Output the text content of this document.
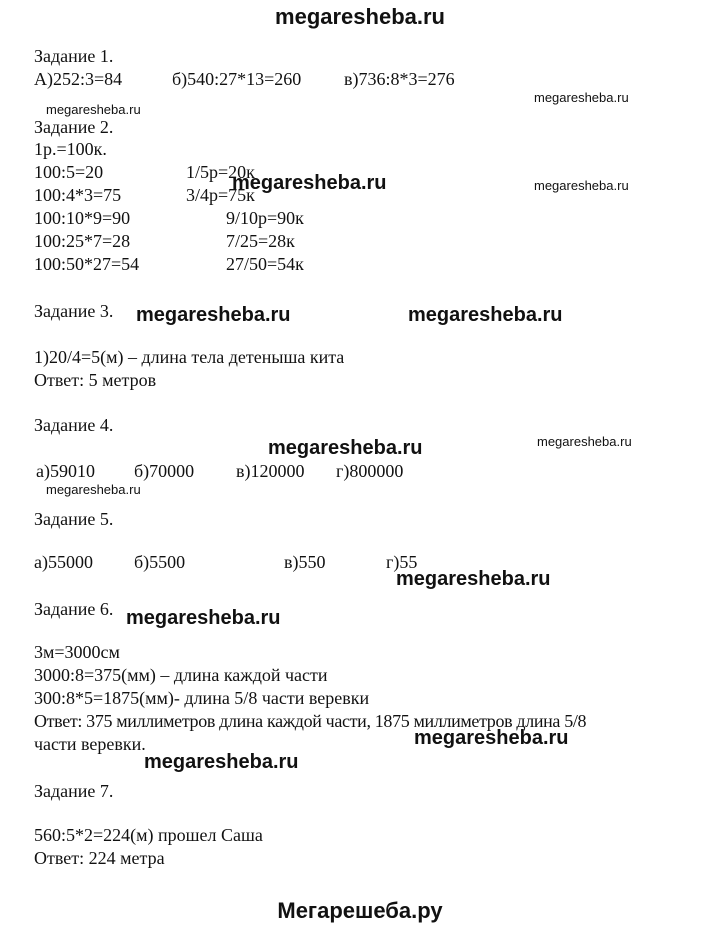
megaresheba.ru
Задание 1.
А)252:3=84	б)540:27*13=260 в)736:8*3=276
Задание 2.
1р.=100к.
100:5=20	1/5р=20к
100:4*3=75	3/4р=75к
100:10*9=90	9/10р=90к
100:25*7=28	7/25=28к
100:50*27=54	27/50=54к
Задание 3.
1)20/4=5(м) – длина тела детеныша кита
Ответ: 5 метров
Задание 4.
а)59010 б)70000 в)120000 г)800000
Задание 5.
а)55000 б)5500	в)550	г)55
Задание 6.
3м=3000см
3000:8=375(мм) – длина каждой части
300:8*5=1875(мм)- длина 5/8 части веревки
Ответ: 375 миллиметров длина каждой части, 1875 миллиметров длина 5/8
части веревки.
Задание 7.
560:5*2=224(м) прошел Саша
Ответ: 224 метра
megaresheba.ru
megaresheba.ru
megaresheba.ru	megaresheba.ru
megaresheba.ru	megaresheba.ru
megaresheba.ru	megaresheba.ru
megaresheba.ru
megaresheba.ru
megaresheba.ru
megaresheba.ru
megaresheba.ru
Мегарешеба.ру
